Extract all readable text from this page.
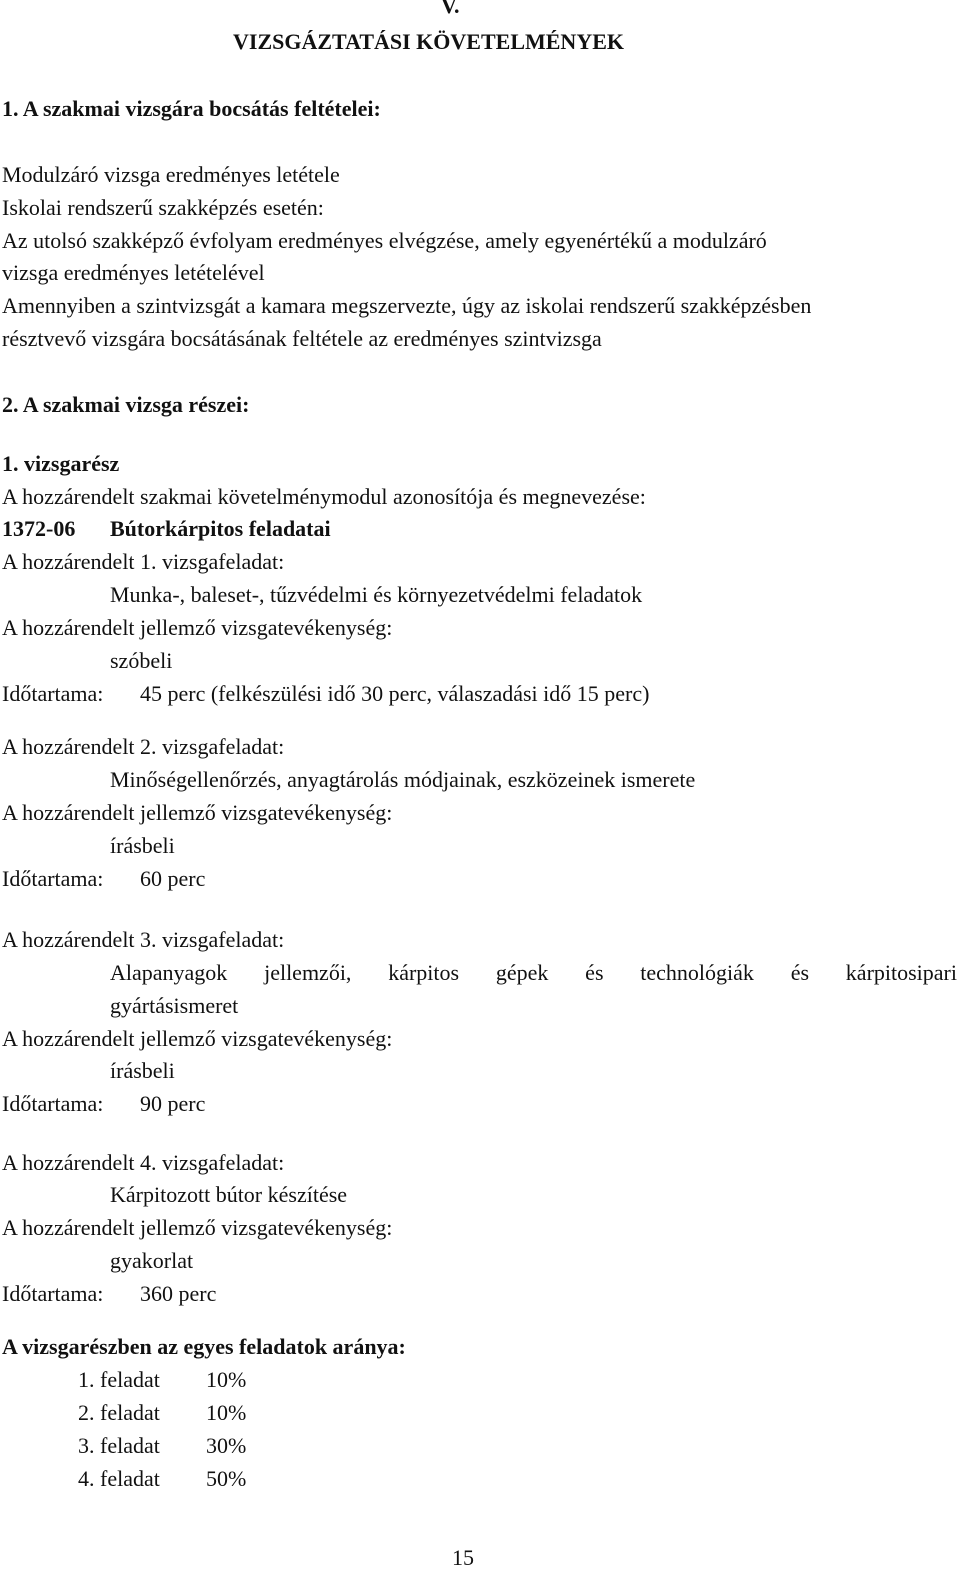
V.
VIZSGÁZTATÁSI KÖVETELMÉNYEK
1. A szakmai vizsgára bocsátás feltételei:
Modulzáró vizsga eredményes letétele
Iskolai rendszerű szakképzés esetén:
Az utolsó szakképző évfolyam eredményes elvégzése, amely egyenértékű a modulzáró
vizsga eredményes letételével
Amennyiben a szintvizsgát a kamara megszervezte, úgy az iskolai rendszerű szakképzésben
résztvevő vizsgára bocsátásának feltétele az eredményes szintvizsga
2. A szakmai vizsga részei:
1. vizsgarész
A hozzárendelt szakmai követelménymodul azonosítója és megnevezése:
1372-06 Bútorkárpitos feladatai
A hozzárendelt 1. vizsgafeladat:
Munka-, baleset-, tűzvédelmi és környezetvédelmi feladatok
A hozzárendelt jellemző vizsgatevékenység:
szóbeli
Időtartama: 45 perc (felkészülési idő 30 perc, válaszadási idő 15 perc)
A hozzárendelt 2. vizsgafeladat:
Minőségellenőrzés, anyagtárolás módjainak, eszközeinek ismerete
A hozzárendelt jellemző vizsgatevékenység:
írásbeli
Időtartama: 60 perc
A hozzárendelt 3. vizsgafeladat:
Alapanyagok jellemzői, kárpitos gépek és technológiák és kárpitosipari
gyártásismeret
A hozzárendelt jellemző vizsgatevékenység:
írásbeli
Időtartama: 90 perc
A hozzárendelt 4. vizsgafeladat:
Kárpitozott bútor készítése
A hozzárendelt jellemző vizsgatevékenység:
gyakorlat
Időtartama: 360 perc
A vizsgarészben az egyes feladatok aránya:
1. feladat 10%
2. feladat 10%
3. feladat 30%
4. feladat 50%
15
